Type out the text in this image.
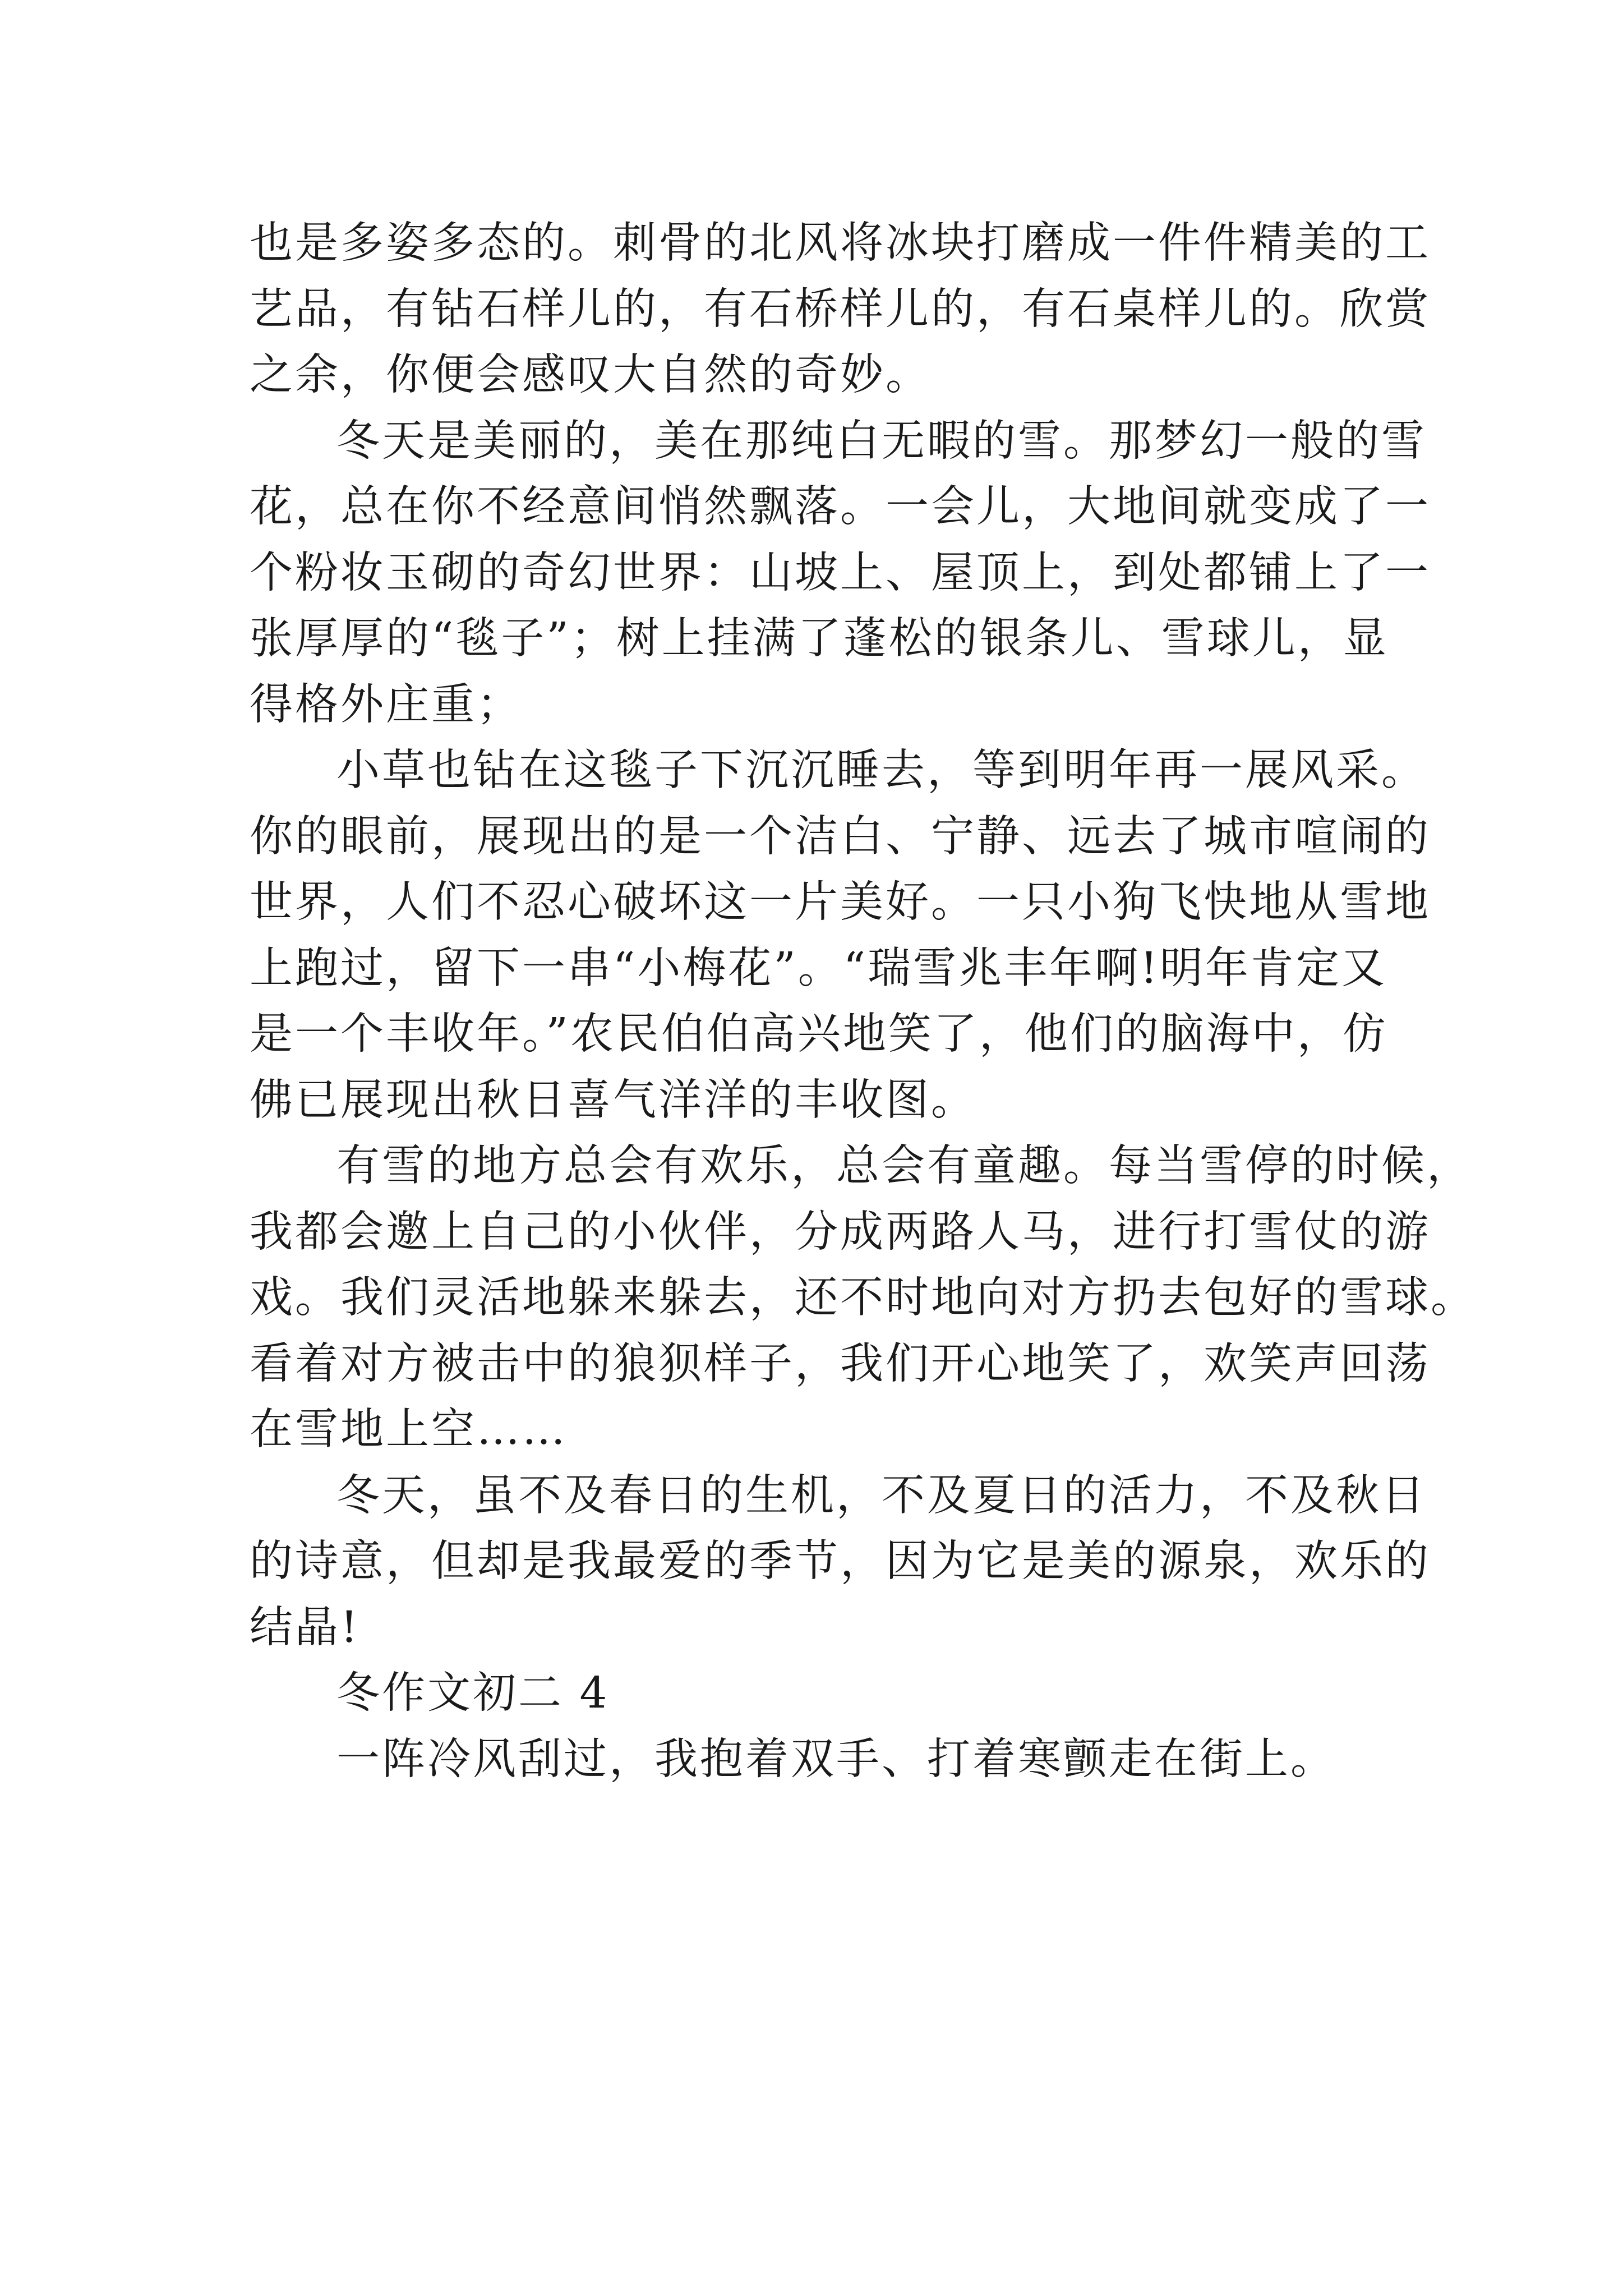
也是多姿多态的。刺骨的北风将冰块打磨成一件件精美的工
艺品，有钻石样儿的，有石桥样儿的，有石桌样儿的。欣赏
之余，你便会感叹大自然的奇妙。

冬天是美丽的，美在那纯白无暇的雪。那梦幻一般的雪
花，总在你不经意间悄然飘落。一会儿，大地间就变成了一
个粉妆玉砌的奇幻世界：山坡上、屋顶上，到处都铺上了一
张厚厚的“毯子”；树上挂满了蓬松的银条儿、雪球儿，显
得格外庄重；

小草也钻在这毯子下沉沉睡去，等到明年再一展风采。
你的眼前，展现出的是一个洁白、宁静、远去了城市喧闹的
世界，人们不忍心破坏这一片美好。一只小狗飞快地从雪地
上跑过，留下一串“小梅花”。“瑞雪兆丰年啊!明年肯定又
是一个丰收年。”农民伯伯高兴地笑了，他们的脑海中，仿
佛已展现出秋日喜气洋洋的丰收图。

有雪的地方总会有欢乐，总会有童趣。每当雪停的时候，
我都会邀上自己的小伙伴，分成两路人马，进行打雪仗的游
戏。我们灵活地躲来躲去，还不时地向对方扔去包好的雪球。
看着对方被击中的狼狈样子，我们开心地笑了，欢笑声回荡
在雪地上空……

冬天，虽不及春日的生机，不及夏日的活力，不及秋日
的诗意，但却是我最爱的季节，因为它是美的源泉，欢乐的
结晶!

冬作文初二 4

一阵冷风刮过，我抱着双手、打着寒颤走在街上。
